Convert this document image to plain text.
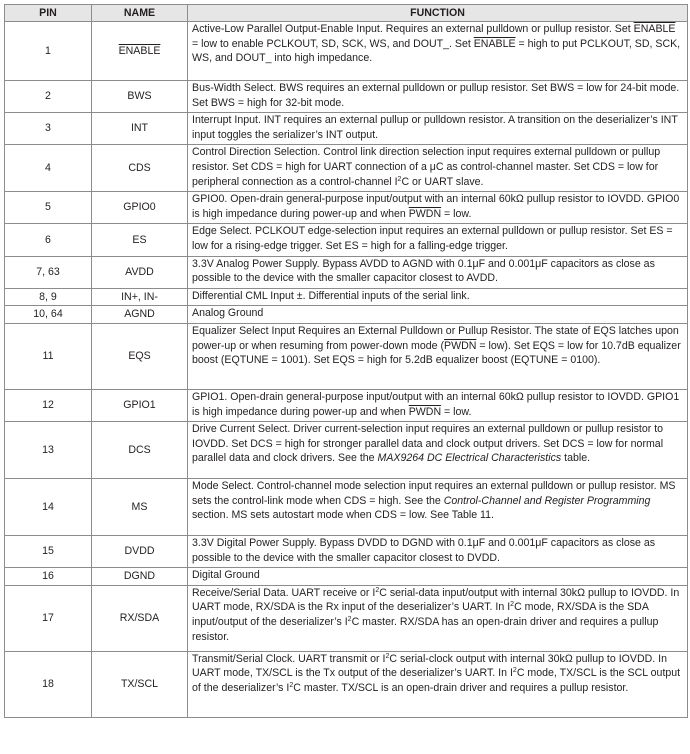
PIN	NAME	FUNCTION
1	ENABLE	Active-Low Parallel Output-Enable Input. Requires an external pulldown or pullup resistor. Set ENABLE = low to enable PCLKOUT, SD, SCK, WS, and DOUT_. Set ENABLE = high to put PCLKOUT, SD, SCK, WS, and DOUT_ into high impedance.
2	BWS	Bus-Width Select. BWS requires an external pulldown or pullup resistor. Set BWS = low for 24-bit mode. Set BWS = high for 32-bit mode.
3	INT	Interrupt Input. INT requires an external pullup or pulldown resistor. A transition on the deserializer’s INT input toggles the serializer’s INT output.
4	CDS	Control Direction Selection. Control link direction selection input requires external pulldown or pullup resistor. Set CDS = high for UART connection of a μC as control-channel master. Set CDS = low for peripheral connection as a control-channel $I^2C$ or UART slave.
5	GPIO0	GPIO0. Open-drain general-purpose input/output with an internal 60kΩ pullup resistor to IOVDD. GPIO0 is high impedance during power-up and when PWDN = low.
6	ES	Edge Select. PCLKOUT edge-selection input requires an external pulldown or pullup resistor. Set ES = low for a rising-edge trigger. Set ES = high for a falling-edge trigger.
7, 63	AVDD	3.3V Analog Power Supply. Bypass AVDD to AGND with 0.1μF and 0.001μF capacitors as close as possible to the device with the smaller capacitor closest to AVDD.
8, 9	IN+, IN-	Differential CML Input ±. Differential inputs of the serial link.
10, 64	AGND	Analog Ground
11	EQS	Equalizer Select Input Requires an External Pulldown or Pullup Resistor. The state of EQS latches upon power-up or when resuming from power-down mode (PWDN = low). Set EQS = low for 10.7dB equalizer boost (EQTUNE = 1001). Set EQS = high for 5.2dB equalizer boost (EQTUNE = 0100).
12	GPIO1	GPIO1. Open-drain general-purpose input/output with an internal 60kΩ pullup resistor to IOVDD. GPIO1 is high impedance during power-up and when PWDN = low.
13	DCS	Drive Current Select. Driver current-selection input requires an external pulldown or pullup resistor to IOVDD. Set DCS = high for stronger parallel data and clock output drivers. Set DCS = low for normal parallel data and clock drivers. See the MAX9264 DC Electrical Characteristics table.
14	MS	Mode Select. Control-channel mode selection input requires an external pulldown or pullup resistor. MS sets the control-link mode when CDS = high. See the Control-Channel and Register Programming section. MS sets autostart mode when CDS = low. See Table 11.
15	DVDD	3.3V Digital Power Supply. Bypass DVDD to DGND with 0.1μF and 0.001μF capacitors as close as possible to the device with the smaller capacitor closest to DVDD.
16	DGND	Digital Ground
17	RX/SDA	Receive/Serial Data. UART receive or $I^2C$ serial-data input/output with internal 30kΩ pullup to IOVDD. In UART mode, RX/SDA is the Rx input of the deserializer’s UART. In $I^2C$ mode, RX/SDA is the SDA input/output of the deserializer’s $I^2C$ master. RX/SDA has an open-drain driver and requires a pullup resistor.
18	TX/SCL	Transmit/Serial Clock. UART transmit or $I^2C$ serial-clock output with internal 30kΩ pullup to IOVDD. In UART mode, TX/SCL is the Tx output of the deserializer’s UART. In $I^2C$ mode, TX/SCL is the SCL output of the deserializer’s $I^2C$ master. TX/SCL is an open-drain driver and requires a pullup resistor.
